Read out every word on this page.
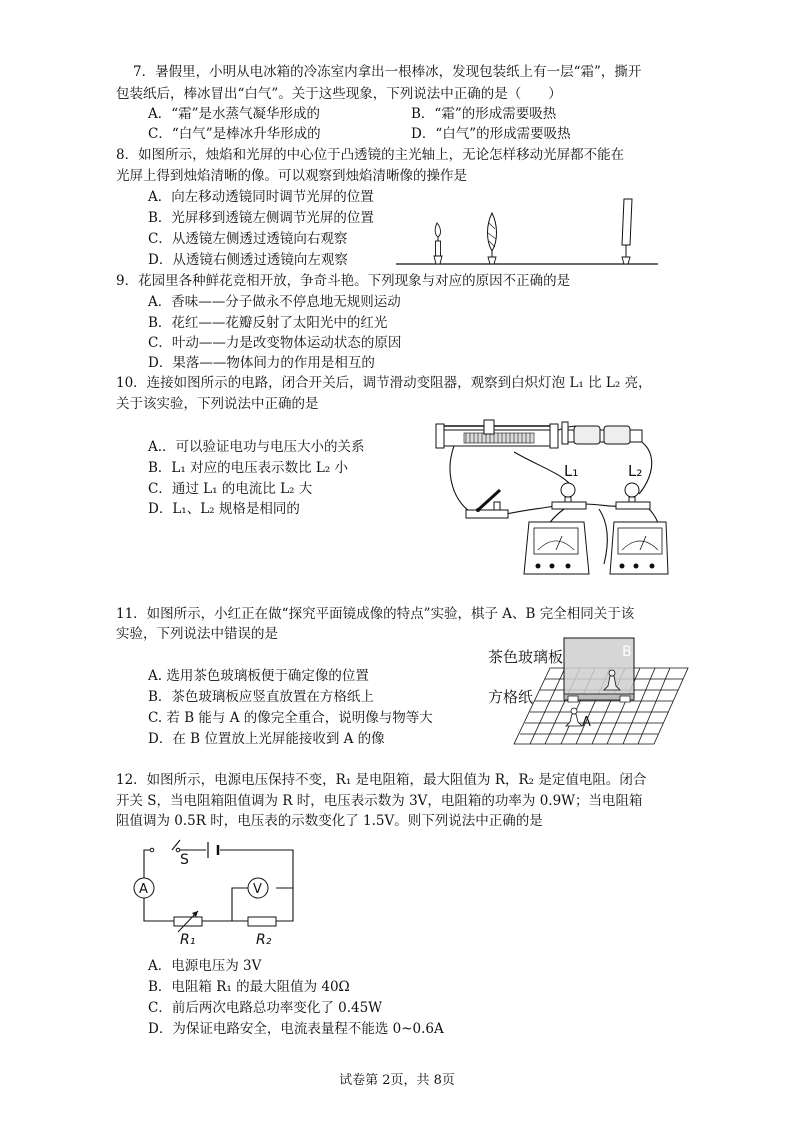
7．暑假里，小明从电冰箱的冷冻室内拿出一根棒冰，发现包装纸上有一层“霜”，撕开
包装纸后，棒冰冒出“白气”。关于这些现象，下列说法中正确的是（　　）
A．“霜”是水蒸气凝华形成的	B．“霜”的形成需要吸热
C．“白气”是棒冰升华形成的	D．“白气”的形成需要吸热
8．如图所示，烛焰和光屏的中心位于凸透镜的主光轴上，无论怎样移动光屏都不能在
光屏上得到烛焰清晰的像。可以观察到烛焰清晰像的操作是
A．向左移动透镜同时调节光屏的位置
B．光屏移到透镜左侧调节光屏的位置
C．从透镜左侧透过透镜向右观察
D．从透镜右侧透过透镜向左观察
9．花园里各种鲜花竞相开放，争奇斗艳。下列现象与对应的原因不正确的是
A．香味——分子做永不停息地无规则运动
B．花红——花瓣反射了太阳光中的红光
C．叶动——力是改变物体运动状态的原因
D．果落——物体间力的作用是相互的
10．连接如图所示的电路，闭合开关后，调节滑动变阻器，观察到白炽灯泡 L₁ 比 L₂ 亮，
关于该实验，下列说法中正确的是
A.．可以验证电功与电压大小的关系
B．L₁ 对应的电压表示数比 L₂ 小
C．通过 L₁ 的电流比 L₂ 大
D．L₁、L₂ 规格是相同的
L₁	L₂
11．如图所示，小红正在做“探究平面镜成像的特点”实验，棋子 A、B 完全相同关于该
实验，下列说法中错误的是
A. 选用茶色玻璃板便于确定像的位置
B．茶色玻璃板应竖直放置在方格纸上
C. 若 B 能与 A 的像完全重合，说明像与物等大
D．在 B 位置放上光屏能接收到 A 的像
茶色玻璃板
方格纸
B
A
12．如图所示，电源电压保持不变，R₁ 是电阻箱，最大阻值为 R，R₂ 是定值电阻。闭合
开关 S，当电阻箱阻值调为 R 时，电压表示数为 3V，电阻箱的功率为 0.9W；当电阻箱
阻值调为 0.5R 时，电压表的示数变化了 1.5V。则下列说法中正确的是
A	V
S
R₁	R₂
A．电源电压为 3V
B．电阻箱 R₁ 的最大阻值为 40Ω
C．前后两次电路总功率变化了 0.45W
D．为保证电路安全，电流表量程不能选 0~0.6A
试卷第 2页，共 8页
